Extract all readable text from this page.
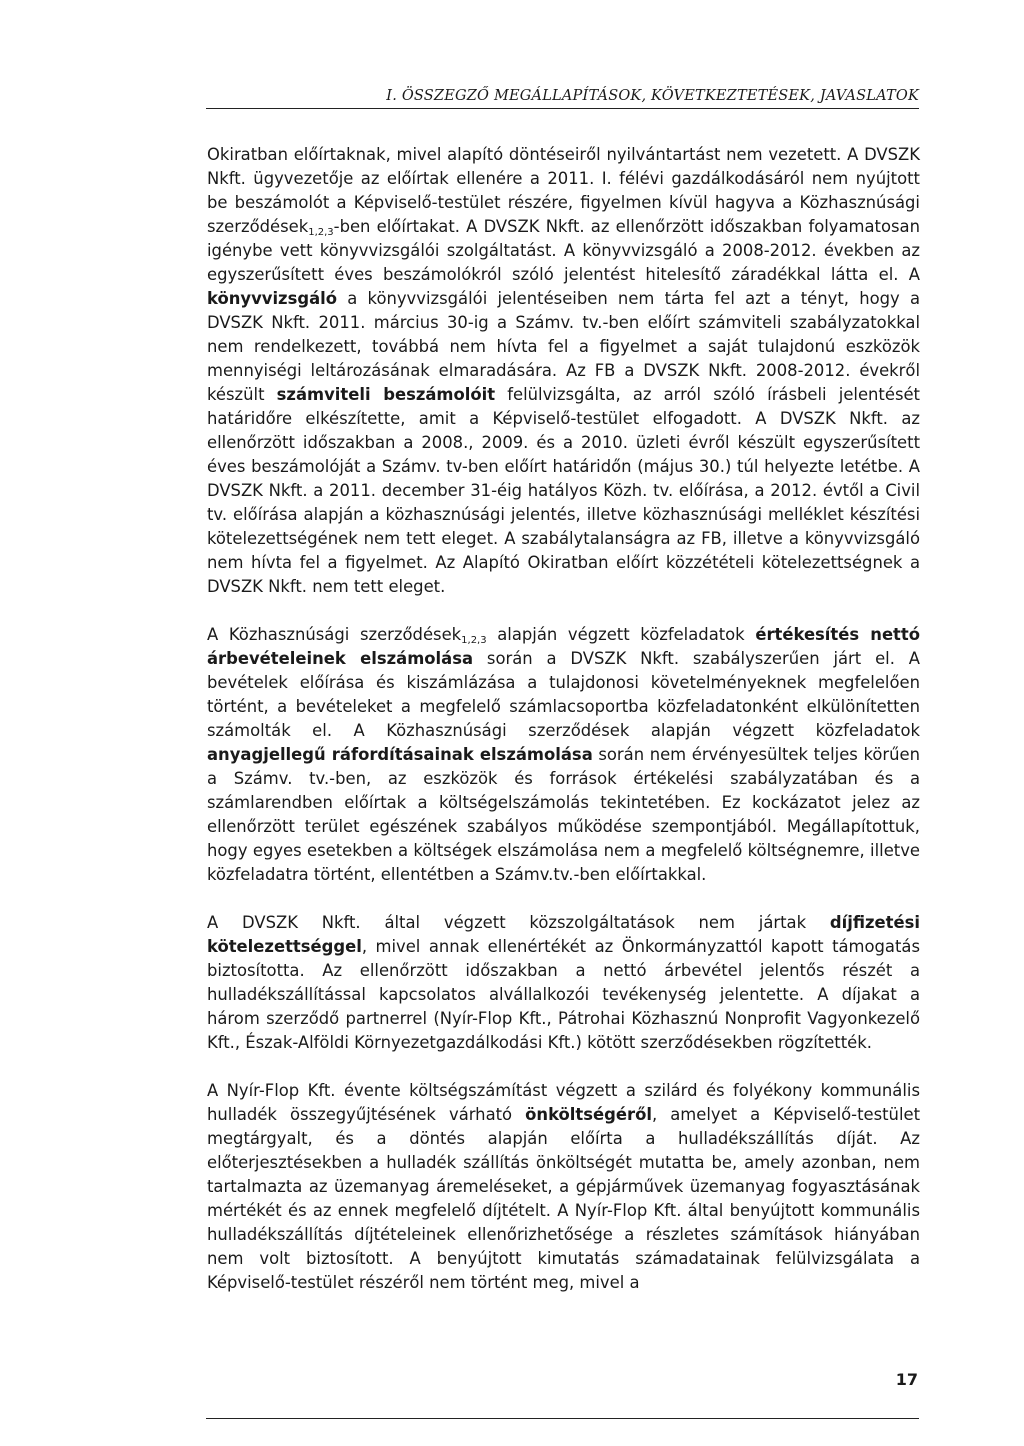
I. ÖSSZEGZŐ MEGÁLLAPÍTÁSOK, KÖVETKEZTETÉSEK, JAVASLATOK

Okiratban előírtaknak, mivel alapító döntéseiről nyilvántartást nem vezetett. A DVSZK Nkft. ügyvezetője az előírtak ellenére a 2011. I. félévi gazdálkodásáról nem nyújtott be beszámolót a Képviselő-testület részére, figyelmen kívül hagyva a Közhasznúsági szerződések$_{1,2,3}$-ben előírtakat. A DVSZK Nkft. az ellenőrzött időszakban folyamatosan igénybe vett könyvvizsgálói szolgáltatást. A könyvvizsgáló a 2008-2012. években az egyszerűsített éves beszámolókról szóló jelentést hitelesítő záradékkal látta el. A könyvvizsgáló a könyvvizsgálói jelentéseiben nem tárta fel azt a tényt, hogy a DVSZK Nkft. 2011. március 30-ig a Számv. tv.-ben előírt számviteli szabályzatokkal nem rendelkezett, továbbá nem hívta fel a figyelmet a saját tulajdonú eszközök mennyiségi leltározásának elmaradására. Az FB a DVSZK Nkft. 2008-2012. évekről készült számviteli beszámolóit felülvizsgálta, az arról szóló írásbeli jelentését határidőre elkészítette, amit a Képviselő-testület elfogadott. A DVSZK Nkft. az ellenőrzött időszakban a 2008., 2009. és a 2010. üzleti évről készült egyszerűsített éves beszámolóját a Számv. tv-ben előírt határidőn (május 30.) túl helyezte letétbe. A DVSZK Nkft. a 2011. december 31-éig hatályos Közh. tv. előírása, a 2012. évtől a Civil tv. előírása alapján a közhasznúsági jelentés, illetve közhasznúsági melléklet készítési kötelezettségének nem tett eleget. A szabálytalanságra az FB, illetve a könyvvizsgáló nem hívta fel a figyelmet. Az Alapító Okiratban előírt közzétételi kötelezettségnek a DVSZK Nkft. nem tett eleget.

A Közhasznúsági szerződések$_{1,2,3}$ alapján végzett közfeladatok értékesítés nettó árbevételeinek elszámolása során a DVSZK Nkft. szabályszerűen járt el. A bevételek előírása és kiszámlázása a tulajdonosi követelményeknek megfelelően történt, a bevételeket a megfelelő számlacsoportba közfeladatonként elkülönítetten számolták el. A Közhasznúsági szerződések alapján végzett közfeladatok anyagjellegű ráfordításainak elszámolása során nem érvényesültek teljes körűen a Számv. tv.-ben, az eszközök és források értékelési szabályzatában és a számlarendben előírtak a költségelszámolás tekintetében. Ez kockázatot jelez az ellenőrzött terület egészének szabályos működése szempontjából. Megállapítottuk, hogy egyes esetekben a költségek elszámolása nem a megfelelő költségnemre, illetve közfeladatra történt, ellentétben a Számv.tv.-ben előírtakkal.

A DVSZK Nkft. által végzett közszolgáltatások nem jártak díjfizetési kötelezettséggel, mivel annak ellenértékét az Önkormányzattól kapott támogatás biztosította. Az ellenőrzött időszakban a nettó árbevétel jelentős részét a hulladékszállítással kapcsolatos alvállalkozói tevékenység jelentette. A díjakat a három szerződő partnerrel (Nyír-Flop Kft., Pátrohai Közhasznú Nonprofit Vagyonkezelő Kft., Észak-Alföldi Környezetgazdálkodási Kft.) kötött szerződésekben rögzítették.

A Nyír-Flop Kft. évente költségszámítást végzett a szilárd és folyékony kommunális hulladék összegyűjtésének várható önköltségéről, amelyet a Képviselő-testület megtárgyalt, és a döntés alapján előírta a hulladékszállítás díját. Az előterjesztésekben a hulladék szállítás önköltségét mutatta be, amely azonban, nem tartalmazta az üzemanyag áremeléseket, a gépjárművek üzemanyag fogyasztásának mértékét és az ennek megfelelő díjtételt. A Nyír-Flop Kft. által benyújtott kommunális hulladékszállítás díjtételeinek ellenőrizhetősége a részletes számítások hiányában nem volt biztosított. A benyújtott kimutatás számadatainak felülvizsgálata a Képviselő-testület részéről nem történt meg, mivel a

17
